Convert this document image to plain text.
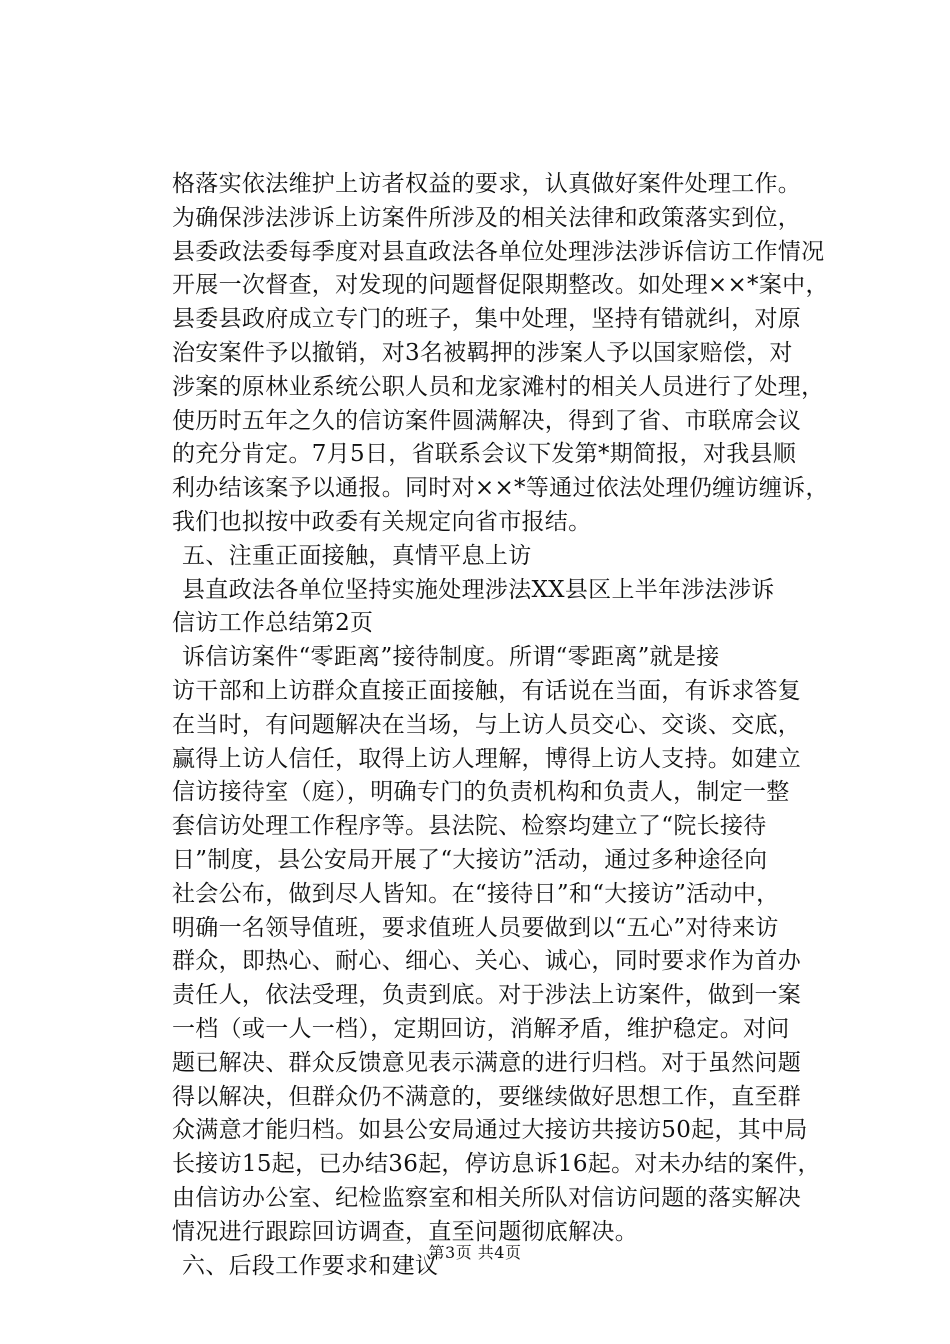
格落实依法维护上访者权益的要求，认真做好案件处理工作。
为确保涉法涉诉上访案件所涉及的相关法律和政策落实到位，
县委政法委每季度对县直政法各单位处理涉法涉诉信访工作情况
开展一次督查，对发现的问题督促限期整改。如处理××*案中，
县委县政府成立专门的班子，集中处理，坚持有错就纠，对原
治安案件予以撤销，对3名被羁押的涉案人予以国家赔偿，对
涉案的原林业系统公职人员和龙家滩村的相关人员进行了处理，
使历时五年之久的信访案件圆满解决，得到了省、市联席会议
的充分肯定。7月5日，省联系会议下发第*期简报，对我县顺
利办结该案予以通报。同时对××*等通过依法处理仍缠访缠诉，
我们也拟按中政委有关规定向省市报结。
五、注重正面接触，真情平息上访
县直政法各单位坚持实施处理涉法XX县区上半年涉法涉诉
信访工作总结第2页
诉信访案件“零距离”接待制度。所谓“零距离”就是接
访干部和上访群众直接正面接触，有话说在当面，有诉求答复
在当时，有问题解决在当场，与上访人员交心、交谈、交底，
赢得上访人信任，取得上访人理解，博得上访人支持。如建立
信访接待室（庭），明确专门的负责机构和负责人，制定一整
套信访处理工作程序等。县法院、检察均建立了“院长接待
日”制度，县公安局开展了“大接访”活动，通过多种途径向
社会公布，做到尽人皆知。在“接待日”和“大接访”活动中，
明确一名领导值班，要求值班人员要做到以“五心”对待来访
群众，即热心、耐心、细心、关心、诚心，同时要求作为首办
责任人，依法受理，负责到底。对于涉法上访案件，做到一案
一档（或一人一档），定期回访，消解矛盾，维护稳定。对问
题已解决、群众反馈意见表示满意的进行归档。对于虽然问题
得以解决，但群众仍不满意的，要继续做好思想工作，直至群
众满意才能归档。如县公安局通过大接访共接访50起，其中局
长接访15起，已办结36起，停访息诉16起。对未办结的案件，
由信访办公室、纪检监察室和相关所队对信访问题的落实解决
情况进行跟踪回访调查，直至问题彻底解决。
六、后段工作要求和建议
第3页 共4页
